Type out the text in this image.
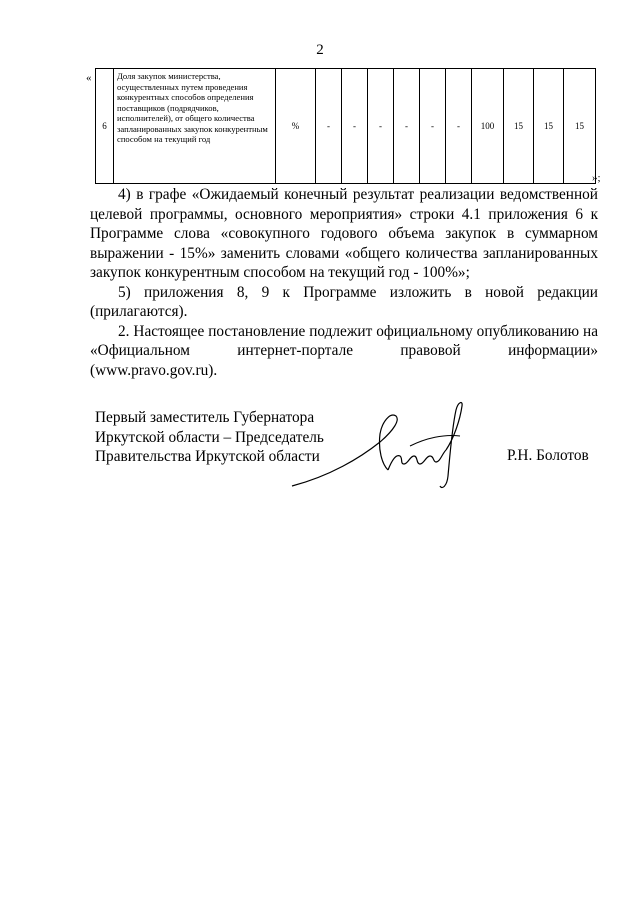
2
«
6	Доля закупок министерства, осуществленных путем проведения конкурентных способов определения поставщиков (подрядчиков, исполнителей), от общего количества запланированных закупок конкурентным способом на текущий год	%	-	-	-	-	-	-	100	15	15	15
»;

4) в графе «Ожидаемый конечный результат реализации ведомственной целевой программы, основного мероприятия» строки 4.1 приложения 6 к Программе слова «совокупного годового объема закупок в суммарном выражении - 15%» заменить словами «общего количества запланированных закупок конкурентным способом на текущий год - 100%»;

5) приложения 8, 9 к Программе изложить в новой редакции (прилагаются).

2. Настоящее постановление подлежит официальному опубликованию на «Официальном интернет-портале правовой информации» (www.pravo.gov.ru).

Первый заместитель Губернатора
Иркутской области – Председатель
Правительства Иркутской области	Р.Н. Болотов
